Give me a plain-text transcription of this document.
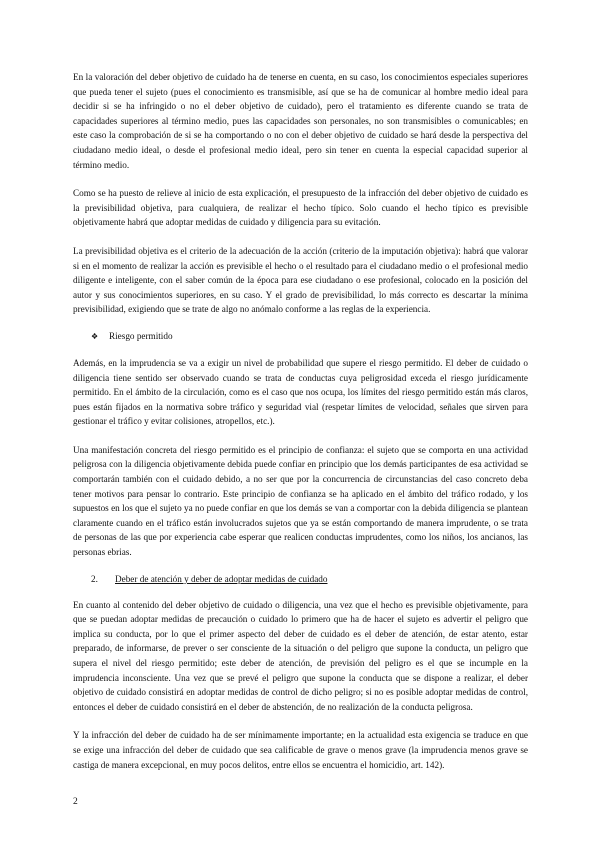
En la valoración del deber objetivo de cuidado ha de tenerse en cuenta, en su caso, los conocimientos especiales superiores que pueda tener el sujeto (pues el conocimiento es transmisible, así que se ha de comunicar al hombre medio ideal para decidir si se ha infringido o no el deber objetivo de cuidado), pero el tratamiento es diferente cuando se trata de capacidades superiores al término medio, pues las capacidades son personales, no son transmisibles o comunicables; en este caso la comprobación de si se ha comportando o no con el deber objetivo de cuidado se hará desde la perspectiva del ciudadano medio ideal, o desde el profesional medio ideal, pero sin tener en cuenta la especial capacidad superior al término medio.

Como se ha puesto de relieve al inicio de esta explicación, el presupuesto de la infracción del deber objetivo de cuidado es la previsibilidad objetiva, para cualquiera, de realizar el hecho típico. Solo cuando el hecho típico es previsible objetivamente habrá que adoptar medidas de cuidado y diligencia para su evitación.

La previsibilidad objetiva es el criterio de la adecuación de la acción (criterio de la imputación objetiva): habrá que valorar si en el momento de realizar la acción es previsible el hecho o el resultado para el ciudadano medio o el profesional medio diligente e inteligente, con el saber común de la época para ese ciudadano o ese profesional, colocado en la posición del autor y sus conocimientos superiores, en su caso. Y el grado de previsibilidad, lo más correcto es descartar la mínima previsibilidad, exigiendo que se trate de algo no anómalo conforme a las reglas de la experiencia.

❖	Riesgo permitido

Además, en la imprudencia se va a exigir un nivel de probabilidad que supere el riesgo permitido. El deber de cuidado o diligencia tiene sentido ser observado cuando se trata de conductas cuya peligrosidad exceda el riesgo jurídicamente permitido. En el ámbito de la circulación, como es el caso que nos ocupa, los límites del riesgo permitido están más claros, pues están fijados en la normativa sobre tráfico y seguridad vial (respetar límites de velocidad, señales que sirven para gestionar el tráfico y evitar colisiones, atropellos, etc.).

Una manifestación concreta del riesgo permitido es el principio de confianza: el sujeto que se comporta en una actividad peligrosa con la diligencia objetivamente debida puede confiar en principio que los demás participantes de esa actividad se comportarán también con el cuidado debido, a no ser que por la concurrencia de circunstancias del caso concreto deba tener motivos para pensar lo contrario. Este principio de confianza se ha aplicado en el ámbito del tráfico rodado, y los supuestos en los que el sujeto ya no puede confiar en que los demás se van a comportar con la debida diligencia se plantean claramente cuando en el tráfico están involucrados sujetos que ya se están comportando de manera imprudente, o se trata de personas de las que por experiencia cabe esperar que realicen conductas imprudentes, como los niños, los ancianos, las personas ebrias.

2.	Deber de atención y deber de adoptar medidas de cuidado

En cuanto al contenido del deber objetivo de cuidado o diligencia, una vez que el hecho es previsible objetivamente, para que se puedan adoptar medidas de precaución o cuidado lo primero que ha de hacer el sujeto es advertir el peligro que implica su conducta, por lo que el primer aspecto del deber de cuidado es el deber de atención, de estar atento, estar preparado, de informarse, de prever o ser consciente de la situación o del peligro que supone la conducta, un peligro que supera el nivel del riesgo permitido; este deber de atención, de previsión del peligro es el que se incumple en la imprudencia inconsciente. Una vez que se prevé el peligro que supone la conducta que se dispone a realizar, el deber objetivo de cuidado consistirá en adoptar medidas de control de dicho peligro; si no es posible adoptar medidas de control, entonces el deber de cuidado consistirá en el deber de abstención, de no realización de la conducta peligrosa.

Y la infracción del deber de cuidado ha de ser mínimamente importante; en la actualidad esta exigencia se traduce en que se exige una infracción del deber de cuidado que sea calificable de grave o menos grave (la imprudencia menos grave se castiga de manera excepcional, en muy pocos delitos, entre ellos se encuentra el homicidio, art. 142).

2
